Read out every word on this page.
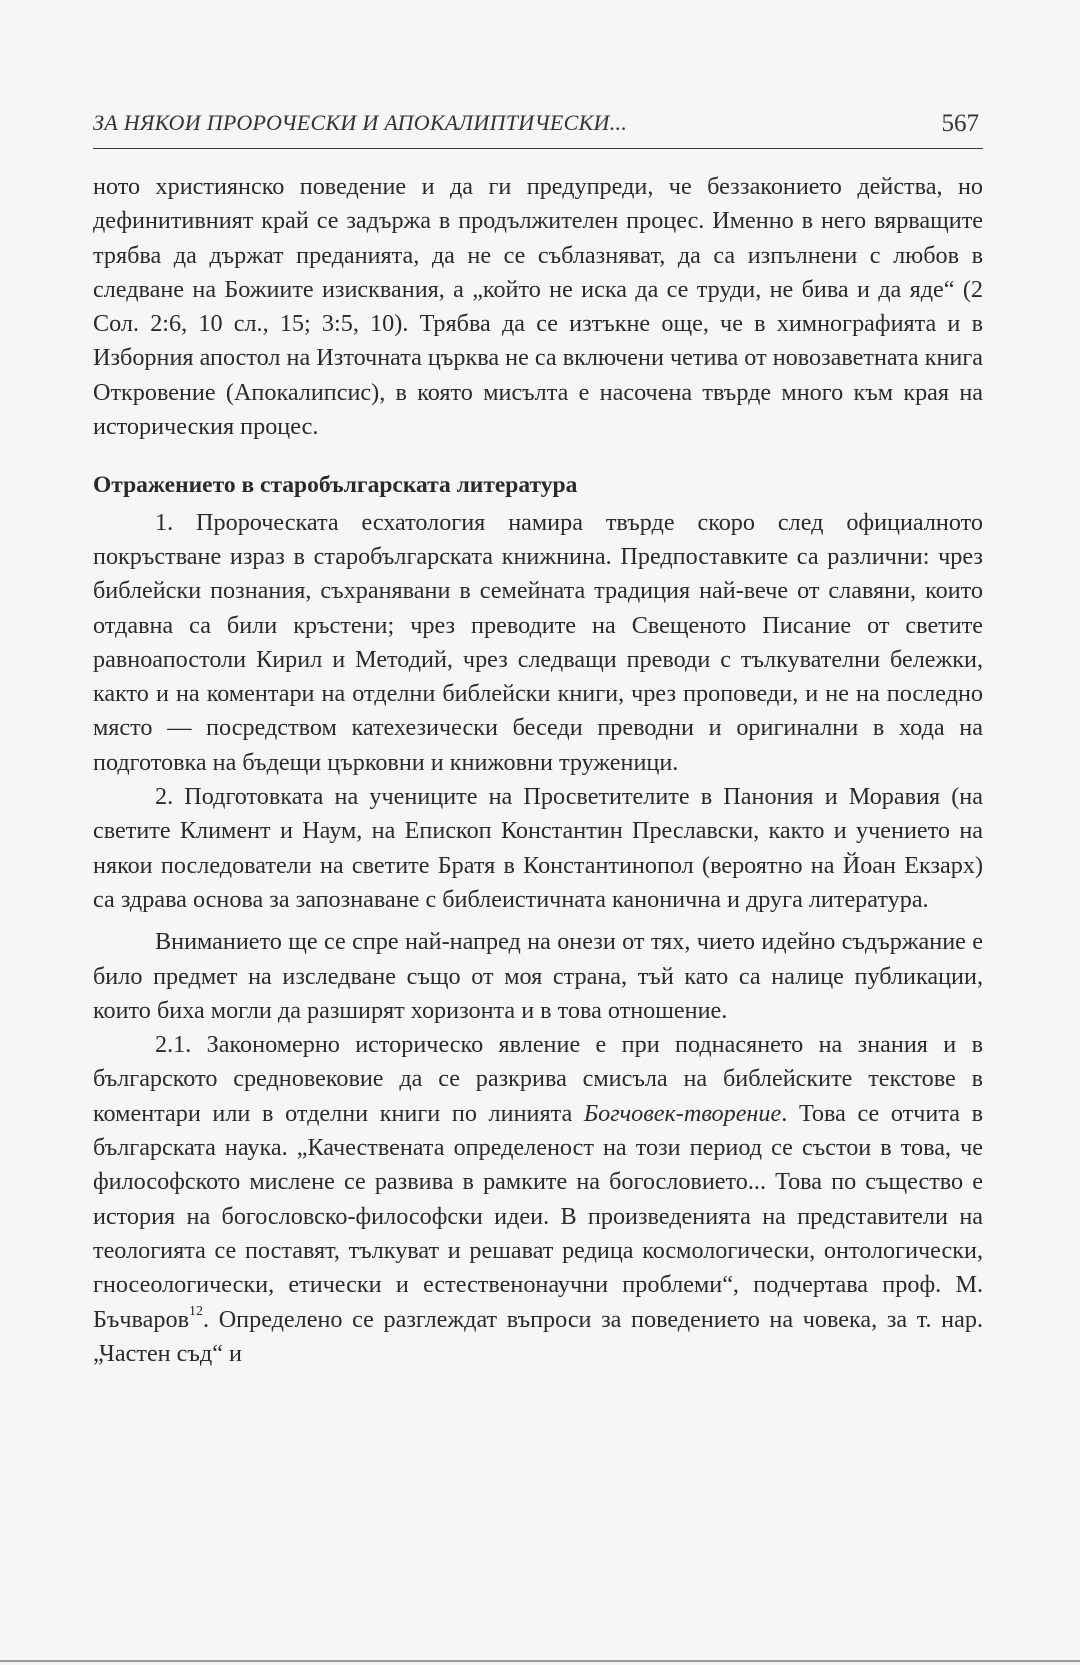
ЗА НЯКОИ ПРОРОЧЕСКИ И АПОКАЛИПТИЧЕСКИ...	567

ното християнско поведение и да ги предупреди, че беззаконието действа, но дефинитивният край се задържа в продължителен процес. Именно в него вярващите трябва да държат преданията, да не се съблазняват, да са изпълнени с любов в следване на Божиите изисквания, а „който не иска да се труди, не бива и да яде“ (2 Сол. 2:6, 10 сл., 15; 3:5, 10). Трябва да се изтъкне още, че в химнографията и в Изборния апостол на Източната църква не са включени четива от новозаветната книга Откровение (Апокалипсис), в която мисълта е насочена твърде много към края на историческия процес.

Отражението в старобългарската литература

1. Пророческата есхатология намира твърде скоро след официалното покръстване израз в старобългарската книжнина. Предпоставките са различни: чрез библейски познания, съхранявани в семейната традиция най-вече от славяни, които отдавна са били кръстени; чрез преводите на Свещеното Писание от светите равноапостоли Кирил и Методий, чрез следващи преводи с тълкувателни бележки, както и на коментари на отделни библейски книги, чрез проповеди, и не на последно място — посредством катехезически беседи преводни и оригинални в хода на подготовка на бъдещи църковни и книжовни труженици.

2. Подготовката на учениците на Просветителите в Панония и Моравия (на светите Климент и Наум, на Епископ Константин Преславски, както и учението на някои последователи на светите Братя в Константинопол (вероятно на Йоан Екзарх) са здрава основа за запознаване с библеистичната канонична и друга литература.

Вниманието ще се спре най-напред на онези от тях, чието идейно съдържание е било предмет на изследване също от моя страна, тъй като са налице публикации, които биха могли да разширят хоризонта и в това отношение.

2.1. Закономерно историческо явление е при поднасянето на знания и в българското средновековие да се разкрива смисъла на библейските текстове в коментари или в отделни книги по линията Богчовек-творение. Това се отчита в българската наука. „Качествената определеност на този период се състои в това, че философското мислене се развива в рамките на богословието... Това по същество е история на богословско-философски идеи. В произведенията на представители на теологията се поставят, тълкуват и решават редица космологически, онтологически, гносеологически, етически и естественонаучни проблеми“, подчертава проф. М. Бъчваров$^{12}$. Определено се разглеждат въпроси за поведението на човека, за т. нар. „Частен съд“ и
